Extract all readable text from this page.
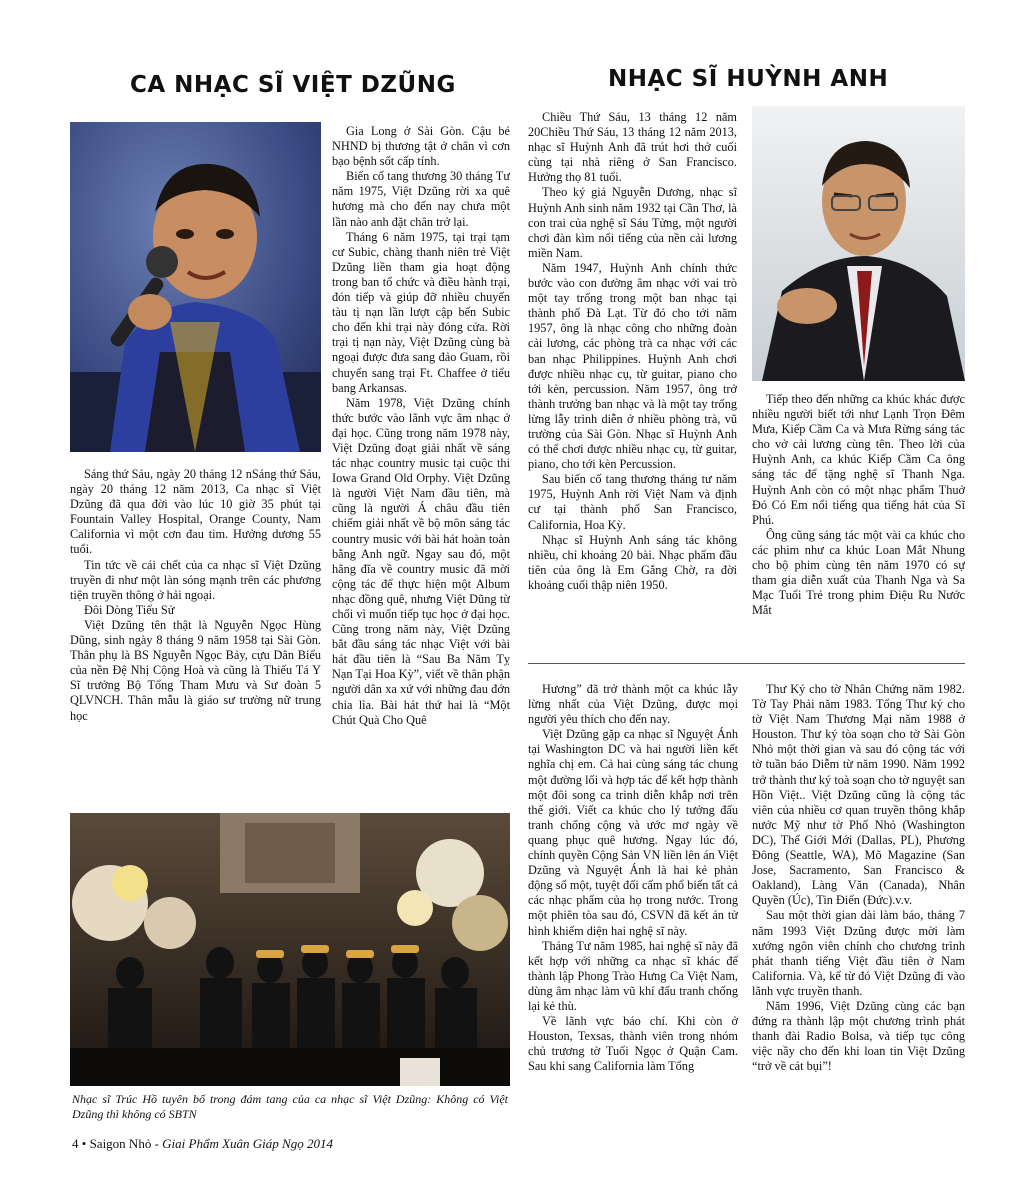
CA NHẠC SĨ VIỆT DZŨNG	NHẠC SĨ HUỲNH ANH

Sáng thứ Sáu, ngày 20 tháng 12 nSáng thứ Sáu, ngày 20 tháng 12 năm 2013, Ca nhạc sĩ Việt Dzũng đã qua đời vào lúc 10 giờ 35 phút tại Fountain Valley Hospital, Orange County, Nam California vì một cơn đau tim. Hưởng dương 55 tuổi.

Tin tức về cái chết của ca nhạc sĩ Việt Dzũng truyền đi như một làn sóng mạnh trên các phương tiện truyền thông ở hải ngoại.

Đôi Dòng Tiểu Sử

Việt Dzũng tên thật là Nguyễn Ngọc Hùng Dũng, sinh ngày 8 tháng 9 năm 1958 tại Sài Gòn. Thân phụ là BS Nguyễn Ngọc Bảy, cựu Dân Biểu của nền Đệ Nhị Cộng Hoà và cũng là Thiếu Tá Y Sĩ trưởng Bộ Tổng Tham Mưu và Sư đoàn 5 QLVNCH. Thân mẫu là giáo sư trường nữ trung học

Gia Long ở Sài Gòn. Cậu bé NHND bị thương tật ở chân vì cơn bạo bệnh sốt cấp tính.

Biến cố tang thương 30 tháng Tư năm 1975, Việt Dzũng rời xa quê hương mà cho đến nay chưa một lần nào anh đặt chân trở lại.

Tháng 6 năm 1975, tại trại tạm cư Subic, chàng thanh niên trẻ Việt Dzũng liền tham gia hoạt động trong ban tổ chức và điều hành trại, đón tiếp và giúp đỡ nhiều chuyến tàu tị nạn lần lượt cập bến Subic cho đến khi trại này đóng cửa. Rời trại tị nạn này, Việt Dzũng cùng bà ngoại được đưa sang đảo Guam, rồi chuyển sang trại Ft. Chaffee ở tiểu bang Arkansas.

Năm 1978, Việt Dzũng chính thức bước vào lãnh vực âm nhạc ở đại học. Cũng trong năm 1978 này, Việt Dzũng đoạt giải nhất về sáng tác nhạc country music tại cuộc thi Iowa Grand Old Orphy. Việt Dzũng là người Việt Nam đầu tiên, mà cũng là người Á châu đầu tiên chiếm giải nhất về bộ môn sáng tác country music với bài hát hoàn toàn bằng Anh ngữ. Ngay sau đó, một hãng đĩa về country music đã mời cộng tác để thực hiện một Album nhạc đồng quê, nhưng Việt Dũng từ chối vì muốn tiếp tục học ở đại học. Cũng trong năm này, Việt Dzũng bắt đầu sáng tác nhạc Việt với bài hát đầu tiên là “Sau Ba Năm Tỵ Nạn Tại Hoa Kỳ”, viết về thân phận người dân xa xứ với những đau đớn chia lìa. Bài hát thứ hai là “Một Chút Quà Cho Quê

Chiều Thứ Sáu, 13 tháng 12 năm 20Chiều Thứ Sáu, 13 tháng 12 năm 2013, nhạc sĩ Huỳnh Anh đã trút hơi thở cuối cùng tại nhà riêng ở San Francisco. Hưởng thọ 81 tuổi.

Theo ký giả Nguyễn Dương, nhạc sĩ Huỳnh Anh sinh năm 1932 tại Cần Thơ, là con trai của nghệ sĩ Sáu Tửng, một người chơi đàn kìm nổi tiếng của nền cải lương miền Nam.

Năm 1947, Huỳnh Anh chính thức bước vào con đường âm nhạc với vai trò một tay trống trong một ban nhạc tại thành phố Đà Lạt. Từ đó cho tới năm 1957, ông là nhạc công cho những đoàn cải lương, các phòng trà ca nhạc với các ban nhạc Philippines. Huỳnh Anh chơi được nhiều nhạc cụ, từ guitar, piano cho tới kèn, percussion. Năm 1957, ông trở thành trưởng ban nhạc và là một tay trống lừng lẫy trình diễn ở nhiều phòng trà, vũ trường của Sài Gòn. Nhạc sĩ Huỳnh Anh có thể chơi được nhiều nhạc cụ, từ guitar, piano, cho tới kèn Percussion.

Sau biến cố tang thương tháng tư năm 1975, Huỳnh Anh rời Việt Nam và định cư tại thành phố San Francisco, California, Hoa Kỳ.

Nhạc sĩ Huỳnh Anh sáng tác không nhiều, chỉ khoảng 20 bài. Nhạc phẩm đầu tiên của ông là Em Gắng Chờ, ra đời khoảng cuối thập niên 1950.

Tiếp theo đến những ca khúc khác được nhiều người biết tới như Lạnh Trọn Đêm Mưa, Kiếp Cầm Ca và Mưa Rừng sáng tác cho vở cải lương cùng tên. Theo lời của Huỳnh Anh, ca khúc Kiếp Cầm Ca ông sáng tác để tặng nghệ sĩ Thanh Nga. Huỳnh Anh còn có một nhạc phẩm Thuở Đó Có Em nổi tiếng qua tiếng hát của Sĩ Phú.

Ông cũng sáng tác một vài ca khúc cho các phim như ca khúc Loan Mắt Nhung cho bộ phim cùng tên năm 1970 có sự tham gia diễn xuất của Thanh Nga và Sa Mạc Tuổi Trẻ trong phim Điệu Ru Nước Mắt

Nhạc sĩ Trúc Hồ tuyên bố trong đám tang của ca nhạc sĩ Việt Dzũng: Không có Việt Dzũng thì không có SBTN

Hương” đã trở thành một ca khúc lẫy lừng nhất của Việt Dzũng, được mọi người yêu thích cho đến nay.

Việt Dzũng gặp ca nhạc sĩ Nguyệt Ánh tại Washington DC và hai người liền kết nghĩa chị em. Cả hai cùng sáng tác chung một đường lối và hợp tác để kết hợp thành một đôi song ca trình diễn khắp nơi trên thế giới. Viết ca khúc cho lý tưởng đấu tranh chống cộng và ước mơ ngày về quang phục quê hương. Ngay lúc đó, chính quyền Cộng Sản VN liền lên án Việt Dzũng và Nguyệt Ánh là hai kẻ phản động số một, tuyệt đối cấm phổ biến tất cả các nhạc phẩm của họ trong nước. Trong một phiên tòa sau đó, CSVN đã kết án tử hình khiếm diện hai nghệ sĩ này.

Tháng Tư năm 1985, hai nghệ sĩ này đã kết hợp với những ca nhạc sĩ khác để thành lập Phong Trào Hưng Ca Việt Nam, dùng âm nhạc làm vũ khí đấu tranh chống lại kẻ thù.

Về lãnh vực báo chí. Khi còn ở Houston, Texsas, thành viên trong nhóm chủ trương tờ Tuổi Ngọc ở Quận Cam. Sau khi sang California làm Tổng

Thư Ký cho tờ Nhân Chứng năm 1982. Tờ Tay Phải năm 1983. Tổng Thư ký cho tờ Việt Nam Thương Mại năm 1988 ở Houston. Thư ký tòa soạn cho tờ Sài Gòn Nhỏ một thời gian và sau đó cộng tác với tờ tuần báo Diễm từ năm 1990. Năm 1992 trở thành thư ký toà soạn cho tờ nguyệt san Hồn Việt.. Việt Dzũng cũng là cộng tác viên của nhiều cơ quan truyền thông khắp nước Mỹ như tờ Phố Nhỏ (Washington DC), Thế Giới Mới (Dallas, PL), Phương Đông (Seattle, WA), Mõ Magazine (San Jose, Sacramento, San Francisco & Oakland), Làng Văn (Canada), Nhân Quyền (Úc), Tin Điển (Đức).v.v.

Sau một thời gian dài làm báo, tháng 7 năm 1993 Việt Dzũng được mời làm xướng ngôn viên chính cho chương trình phát thanh tiếng Việt đầu tiên ở Nam California. Và, kể từ đó Việt Dzũng đi vào lãnh vực truyền thanh.

Năm 1996, Việt Dzũng cùng các bạn đứng ra thành lập một chương trình phát thanh đài Radio Bolsa, và tiếp tục công việc nầy cho đến khi loan tin Việt Dzũng “trở về cát bụi”!

4 • Saigon Nhỏ - Giai Phẩm Xuân Giáp Ngọ 2014
